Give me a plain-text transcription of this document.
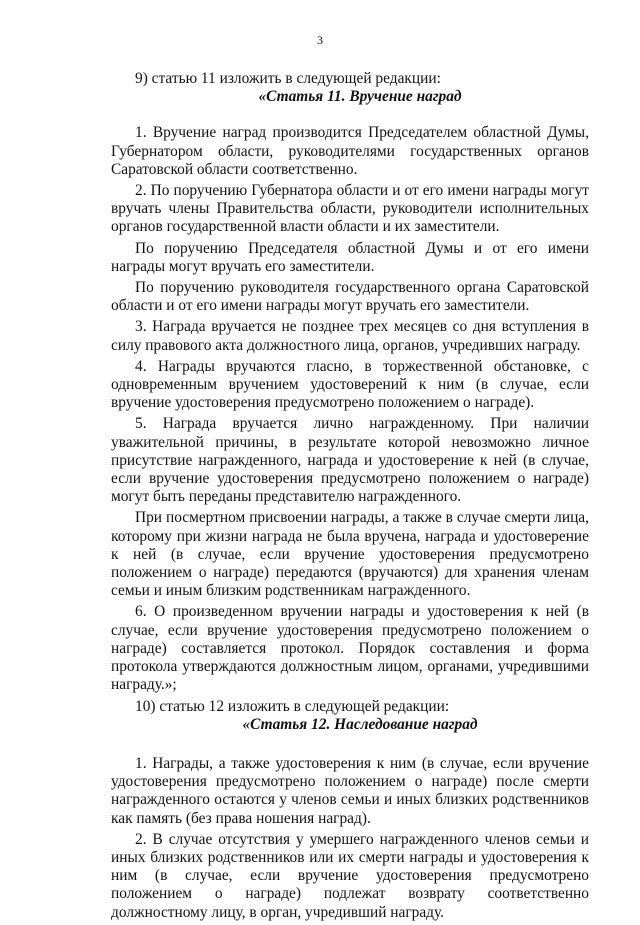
3

9) статью 11 изложить в следующей редакции:

«Статья 11. Вручение наград

1. Вручение наград производится Председателем областной Думы, Губернатором области, руководителями государственных органов Саратовской области соответственно.

2. По поручению Губернатора области и от его имени награды могут вручать члены Правительства области, руководители исполнительных органов государственной власти области и их заместители.

По поручению Председателя областной Думы и от его имени награды могут вручать его заместители.

По поручению руководителя государственного органа Саратовской области и от его имени награды могут вручать его заместители.

3. Награда вручается не позднее трех месяцев со дня вступления в силу правового акта должностного лица, органов, учредивших награду.

4. Награды вручаются гласно, в торжественной обстановке, с одновременным вручением удостоверений к ним (в случае, если вручение удостоверения предусмотрено положением о награде).

5. Награда вручается лично награжденному. При наличии уважительной причины, в результате которой невозможно личное присутствие награжденного, награда и удостоверение к ней (в случае, если вручение удостоверения предусмотрено положением о награде) могут быть переданы представителю награжденного.

При посмертном присвоении награды, а также в случае смерти лица, которому при жизни награда не была вручена, награда и удостоверение к ней (в случае, если вручение удостоверения предусмотрено положением о награде) передаются (вручаются) для хранения членам семьи и иным близким родственникам награжденного.

6. О произведенном вручении награды и удостоверения к ней (в случае, если вручение удостоверения предусмотрено положением о награде) составляется протокол. Порядок составления и форма протокола утверждаются должностным лицом, органами, учредившими награду.»;

10) статью 12 изложить в следующей редакции:

«Статья 12. Наследование наград

1. Награды, а также удостоверения к ним (в случае, если вручение удостоверения предусмотрено положением о награде) после смерти награжденного остаются у членов семьи и иных близких родственников как память (без права ношения наград).

2. В случае отсутствия у умершего награжденного членов семьи и иных близких родственников или их смерти награды и удостоверения к ним (в случае, если вручение удостоверения предусмотрено положением о награде) подлежат возврату соответственно должностному лицу, в орган, учредивший награду.
